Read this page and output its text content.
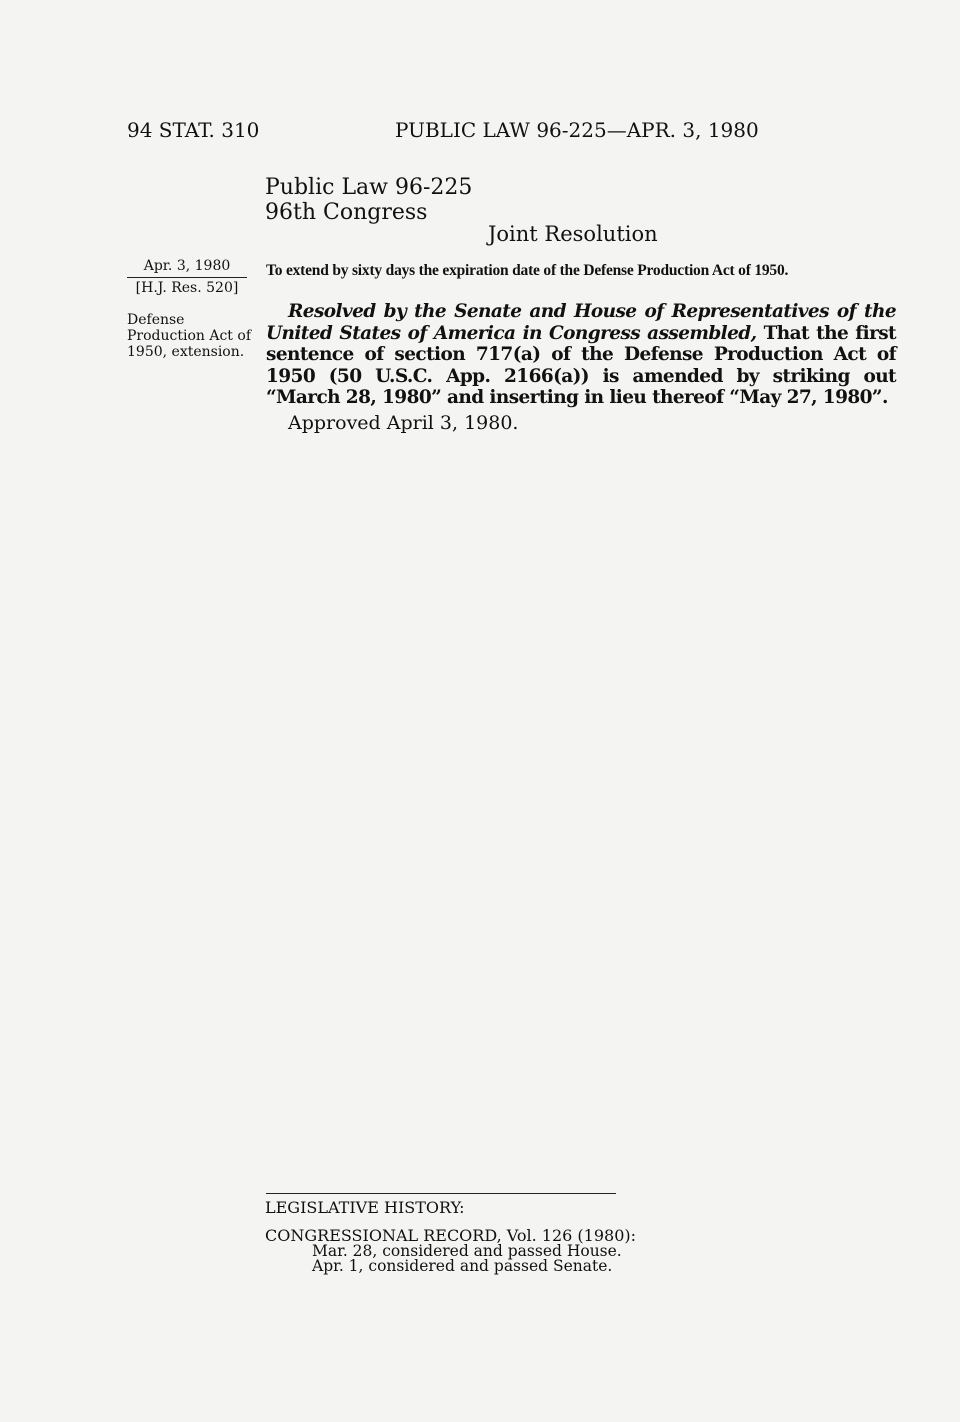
94 STAT. 310	PUBLIC LAW 96-225—APR. 3, 1980
Public Law 96-225
96th Congress
Joint Resolution
Apr. 3, 1980
[H.J. Res. 520]
Defense Production Act of 1950, extension.
To extend by sixty days the expiration date of the Defense Production Act of 1950.
Resolved by the Senate and House of Representatives of the United States of America in Congress assembled, That the first sentence of section 717(a) of the Defense Production Act of 1950 (50 U.S.C. App. 2166(a)) is amended by striking out “March 28, 1980” and inserting in lieu thereof “May 27, 1980”.
Approved April 3, 1980.
LEGISLATIVE HISTORY:
CONGRESSIONAL RECORD, Vol. 126 (1980):
Mar. 28, considered and passed House.
Apr. 1, considered and passed Senate.
